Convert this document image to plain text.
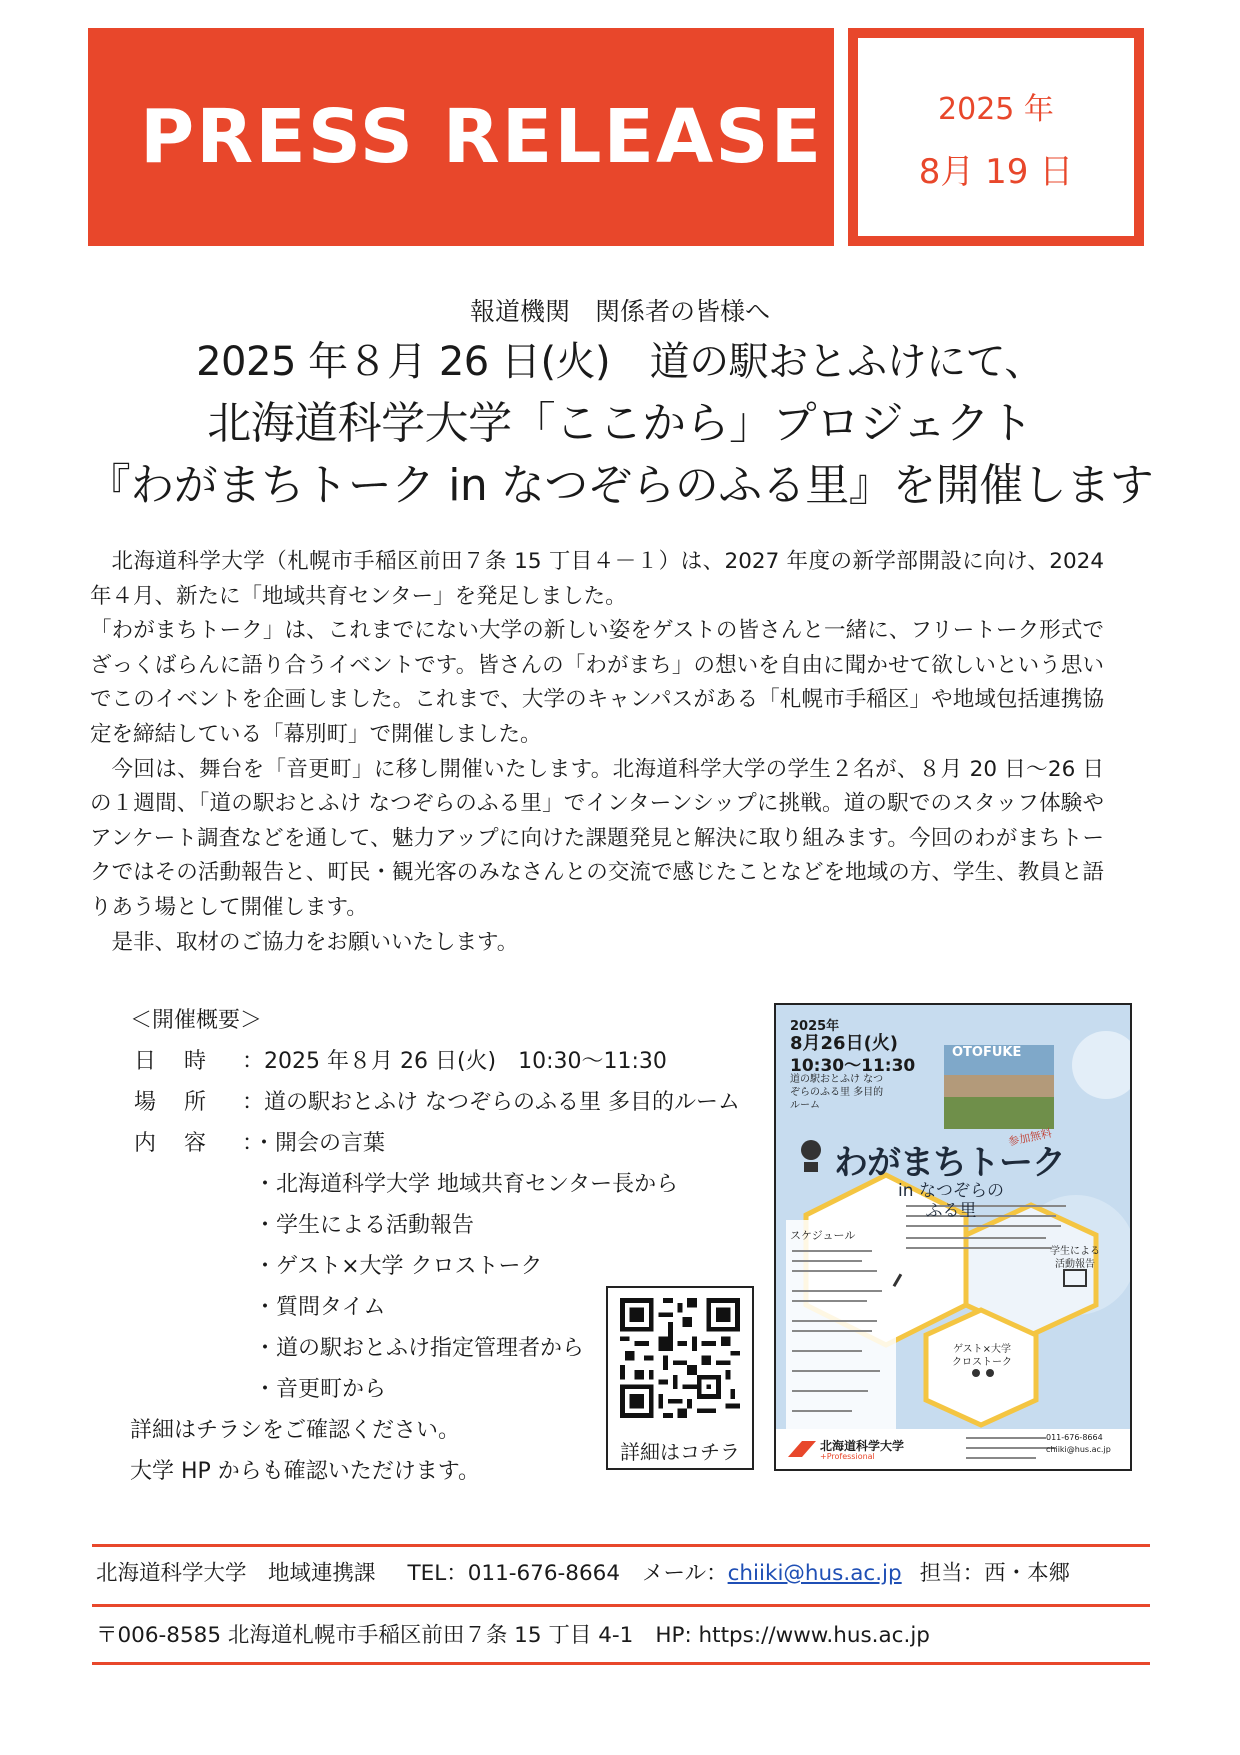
PRESS RELEASE	2025 年
8月 19 日
報道機関　関係者の皆様へ
2025 年８月 26 日(火)　道の駅おとふけにて、
北海道科学大学「ここから」プロジェクト
『わがまちトーク in なつぞらのふる里』を開催します

北海道科学大学（札幌市手稲区前田７条 15 丁目４－１）は、2027 年度の新学部開設に向け、2024 年４月、新たに「地域共育センター」を発足しました。

「わがまちトーク」は、これまでにない大学の新しい姿をゲストの皆さんと一緒に、フリートーク形式でざっくばらんに語り合うイベントです。皆さんの「わがまち」の想いを自由に聞かせて欲しいという思いでこのイベントを企画しました。これまで、大学のキャンパスがある「札幌市手稲区」や地域包括連携協定を締結している「幕別町」で開催しました。

今回は、舞台を「音更町」に移し開催いたします。北海道科学大学の学生２名が、８月 20 日～26 日の１週間、「道の駅おとふけ なつぞらのふる里」でインターンシップに挑戦。道の駅でのスタッフ体験やアンケート調査などを通して、魅力アップに向けた課題発見と解決に取り組みます。今回のわがまちトークではその活動報告と、町民・観光客のみなさんとの交流で感じたことなどを地域の方、学生、教員と語りあう場として開催します。

是非、取材のご協力をお願いいたします。

＜開催概要＞
日時 ：2025 年８月 26 日(火)　10:30～11:30
場所 ：道の駅おとふけ なつぞらのふる里 多目的ルーム
内容 ：・開会の言葉
・北海道科学大学 地域共育センター長から
・学生による活動報告
・ゲスト×大学 クロストーク
・質問タイム
・道の駅おとふけ指定管理者から
・音更町から
詳細はチラシをご確認ください。
大学 HP からも確認いただけます。
詳細はコチラ
2025年
8月26日(火)
10:30～11:30
道の駅おとふけ なつぞらのふる里 多目的ルーム
OTOFUKE
参加無料
わがまちトーク
in なつぞらの ふる里
スケジュール
学生による 活動報告
ゲスト×大学 クロストーク
北海道科学大学
+Professional
011-676-8664
chiiki@hus.ac.jp
北海道科学大学　地域連携課 TEL：011-676-8664 メール：chiiki@hus.ac.jp 担当：西・本郷
〒006-8585 北海道札幌市手稲区前田７条 15 丁目 4-1 HP: https://www.hus.ac.jp
